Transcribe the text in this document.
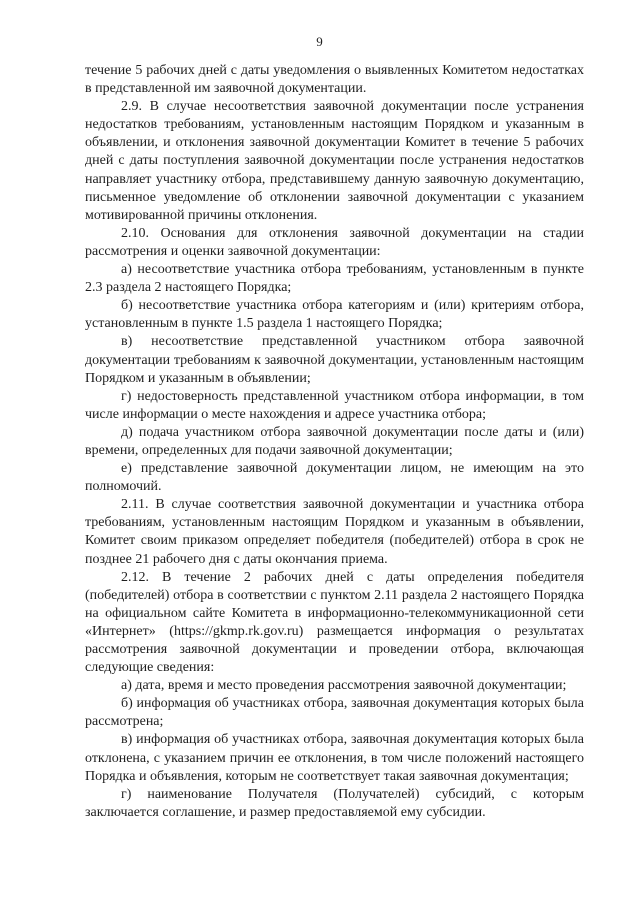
9

течение 5 рабочих дней с даты уведомления о выявленных Комитетом недостатках в представленной им заявочной документации.

2.9. В случае несоответствия заявочной документации после устранения недостатков требованиям, установленным настоящим Порядком и указанным в объявлении, и отклонения заявочной документации Комитет в течение 5 рабочих дней с даты поступления заявочной документации после устранения недостатков направляет участнику отбора, представившему данную заявочную документацию, письменное уведомление об отклонении заявочной документации с указанием мотивированной причины отклонения.

2.10. Основания для отклонения заявочной документации на стадии рассмотрения и оценки заявочной документации:

а) несоответствие участника отбора требованиям, установленным в пункте 2.3 раздела 2 настоящего Порядка;

б) несоответствие участника отбора категориям и (или) критериям отбора, установленным в пункте 1.5 раздела 1 настоящего Порядка;

в) несоответствие представленной участником отбора заявочной документации требованиям к заявочной документации, установленным настоящим Порядком и указанным в объявлении;

г) недостоверность представленной участником отбора информации, в том числе информации о месте нахождения и адресе участника отбора;

д) подача участником отбора заявочной документации после даты и (или) времени, определенных для подачи заявочной документации;

е) представление заявочной документации лицом, не имеющим на это полномочий.

2.11. В случае соответствия заявочной документации и участника отбора требованиям, установленным настоящим Порядком и указанным в объявлении, Комитет своим приказом определяет победителя (победителей) отбора в срок не позднее 21 рабочего дня с даты окончания приема.

2.12. В течение 2 рабочих дней с даты определения победителя (победителей) отбора в соответствии с пунктом 2.11 раздела 2 настоящего Порядка на официальном сайте Комитета в информационно-телекоммуникационной сети «Интернет» (https://gkmp.rk.gov.ru) размещается информация о результатах рассмотрения заявочной документации и проведении отбора, включающая следующие сведения:

а) дата, время и место проведения рассмотрения заявочной документации;

б) информация об участниках отбора, заявочная документация которых была рассмотрена;

в) информация об участниках отбора, заявочная документация которых была отклонена, с указанием причин ее отклонения, в том числе положений настоящего Порядка и объявления, которым не соответствует такая заявочная документация;

г) наименование Получателя (Получателей) субсидий, с которым заключается соглашение, и размер предоставляемой ему субсидии.
